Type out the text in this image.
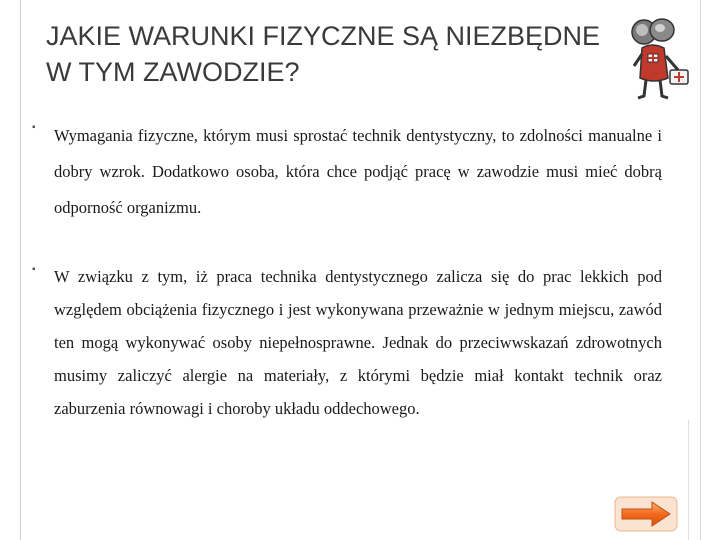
JAKIE WARUNKI FIZYCZNE SĄ NIEZBĘDNE
W TYM ZAWODZIE?
▪ Wymagania fizyczne, którym musi sprostać technik dentystyczny, to zdolności manualne i dobry wzrok. Dodatkowo osoba, która chce podjąć pracę w zawodzie musi mieć dobrą odporność organizmu.
▪ W związku z tym, iż praca technika dentystycznego zalicza się do prac lekkich pod względem obciążenia fizycznego i jest wykonywana przeważnie w jednym miejscu, zawód ten mogą wykonywać osoby niepełnosprawne. Jednak do przeciwwskazań zdrowotnych musimy zaliczyć alergie na materiały, z którymi będzie miał kontakt technik oraz zaburzenia równowagi i choroby układu oddechowego.
